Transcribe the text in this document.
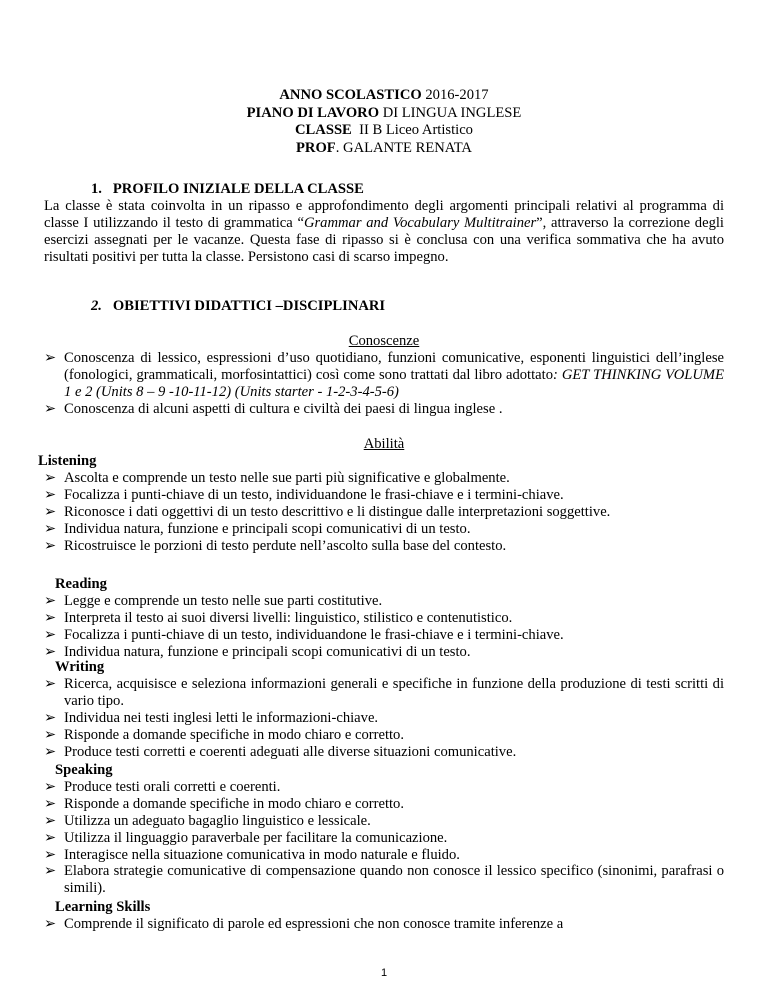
ANNO SCOLASTICO 2016-2017
PIANO DI LAVORO DI LINGUA INGLESE
CLASSE  II B Liceo Artistico
PROF. GALANTE RENATA
1.   PROFILO INIZIALE DELLA CLASSE
La classe è stata coinvolta in un ripasso e approfondimento degli argomenti principali relativi al programma di classe I utilizzando il testo di grammatica “Grammar and Vocabulary Multitrainer”, attraverso la correzione degli esercizi assegnati per le vacanze. Questa fase di ripasso si è conclusa con una verifica sommativa che ha avuto risultati positivi per tutta la classe. Persistono casi di scarso impegno.
2.   OBIETTIVI DIDATTICI –DISCIPLINARI
Conoscenze
➢ Conoscenza di lessico, espressioni d’uso quotidiano, funzioni comunicative, esponenti linguistici dell’inglese (fonologici, grammaticali, morfosintattici) così come sono trattati dal libro adottato: GET THINKING VOLUME 1 e 2 (Units 8 – 9 -10-11-12) (Units starter - 1-2-3-4-5-6)
➢ Conoscenza di alcuni aspetti di cultura e civiltà dei paesi di lingua inglese .
Abilità
Listening
➢ Ascolta e comprende un testo nelle sue parti più significative e globalmente.
➢ Focalizza i punti-chiave di un testo, individuandone le frasi-chiave e i termini-chiave.
➢ Riconosce i dati oggettivi di un testo descrittivo e li distingue dalle interpretazioni soggettive.
➢ Individua natura, funzione e principali scopi comunicativi di un testo.
➢ Ricostruisce le porzioni di testo perdute nell’ascolto sulla base del contesto.
Reading
➢ Legge e comprende un testo nelle sue parti costitutive.
➢ Interpreta il testo ai suoi diversi livelli: linguistico, stilistico e contenutistico.
➢ Focalizza i punti-chiave di un testo, individuandone le frasi-chiave e i termini-chiave.
➢ Individua natura, funzione e principali scopi comunicativi di un testo.
Writing
➢ Ricerca, acquisisce e seleziona informazioni generali e specifiche in funzione della produzione di testi scritti di vario tipo.
➢ Individua nei testi inglesi letti le informazioni-chiave.
➢ Risponde a domande specifiche in modo chiaro e corretto.
➢ Produce testi corretti e coerenti adeguati alle diverse situazioni comunicative.
Speaking
➢ Produce testi orali corretti e coerenti.
➢ Risponde a domande specifiche in modo chiaro e corretto.
➢ Utilizza un adeguato bagaglio linguistico e lessicale.
➢ Utilizza il linguaggio paraverbale per facilitare la comunicazione.
➢ Interagisce nella situazione comunicativa in modo naturale e fluido.
➢ Elabora strategie comunicative di compensazione quando non conosce il lessico specifico (sinonimi, parafrasi o simili).
Learning Skills
➢ Comprende il significato di parole ed espressioni che non conosce tramite inferenze a
1
